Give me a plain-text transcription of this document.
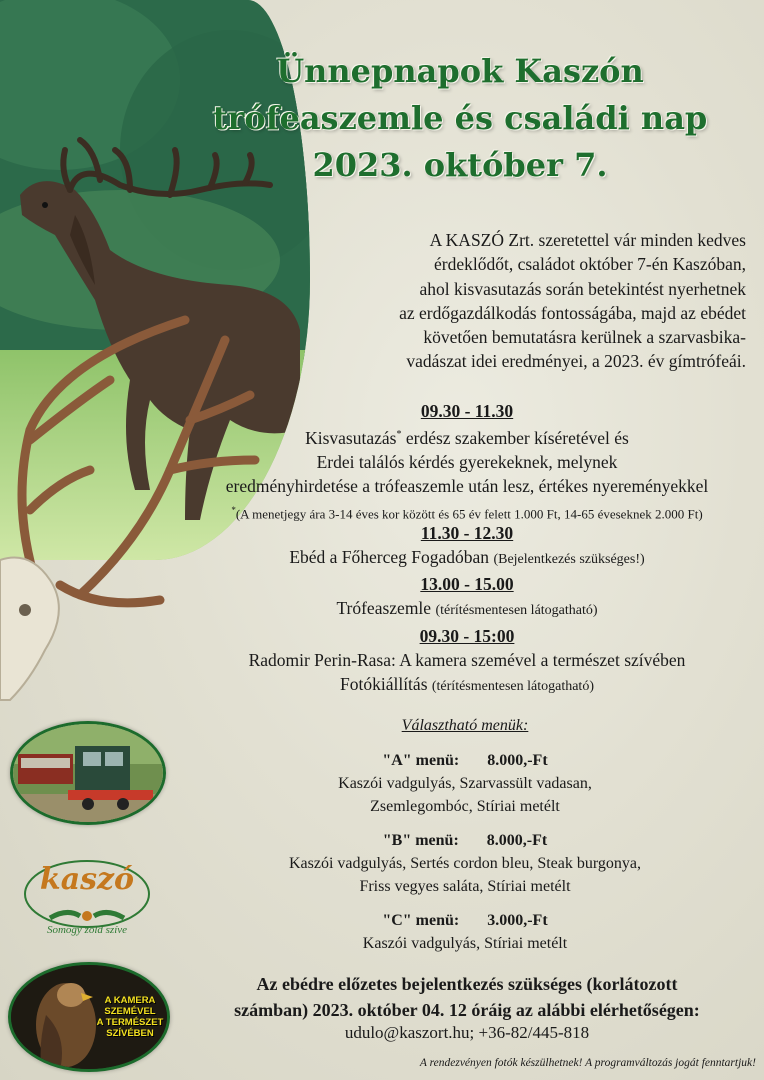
Ünnepnapok Kaszón
trófeaszemle és családi nap
2023. október 7.
A KASZÓ Zrt. szeretettel vár minden kedves
érdeklődőt, családot október 7-én Kaszóban,
ahol kisvasutazás során betekintést nyerhetnek
az erdőgazdálkodás fontosságába, majd az ebédet
követően bemutatásra kerülnek a szarvasbika-
vadászat idei eredményei, a 2023. év gímtrófeái.
09.30 - 11.30
Kisvasutazás* erdész szakember kíséretével és
Erdei találós kérdés gyerekeknek, melynek
eredményhirdetése a trófeaszemle után lesz, értékes nyereményekkel
*(A menetjegy ára 3-14 éves kor között és 65 év felett 1.000 Ft, 14-65 éveseknek 2.000 Ft)
11.30 - 12.30
Ebéd a Főherceg Fogadóban (Bejelentkezés szükséges!)
13.00 - 15.00
Trófeaszemle (térítésmentesen látogatható)
09.30 - 15:00
Radomir Perin-Rasa: A kamera szemével a természet szívében
Fotókiállítás (térítésmentesen látogatható)
Választható menük:
"A" menü: 8.000,-Ft
Kaszói vadgulyás, Szarvassült vadasan,
Zsemlegombóc, Stíriai metélt
"B" menü: 8.000,-Ft
Kaszói vadgulyás, Sertés cordon bleu, Steak burgonya,
Friss vegyes saláta, Stíriai metélt
"C" menü: 3.000,-Ft
Kaszói vadgulyás, Stíriai metélt
kaszó
Somogy zöld szíve
A KAMERA
SZEMÉVEL
A TERMÉSZET
SZÍVÉBEN
Az ebédre előzetes bejelentkezés szükséges (korlátozott
számban) 2023. október 04. 12 óráig az alábbi elérhetőségen:
udulo@kaszort.hu; +36-82/445-818
A rendezvényen fotók készülhetnek! A programváltozás jogát fenntartjuk!
